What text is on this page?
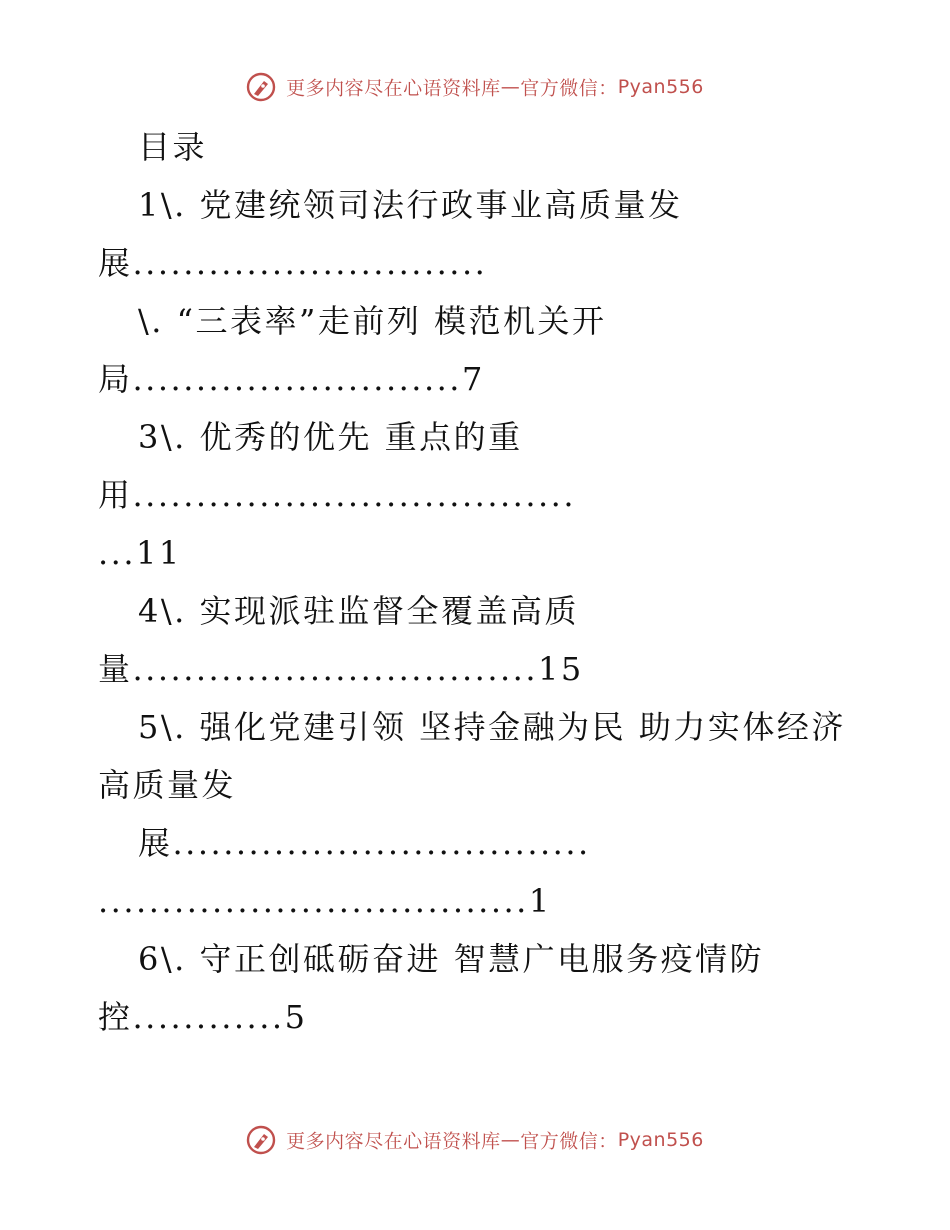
更多内容尽在心语资料库—官方微信：Pyan556
目录
1\. 党建统领司法行政事业高质量发
展............................
\. “三表率”走前列 模范机关开
局..........................7
3\. 优秀的优先 重点的重
用...................................
...11
4\. 实现派驻监督全覆盖高质
量................................15
5\. 强化党建引领 坚持金融为民 助力实体经济
高质量发
展.................................
..................................1
6\. 守正创砥砺奋进 智慧广电服务疫情防
控............5
更多内容尽在心语资料库—官方微信：Pyan556
